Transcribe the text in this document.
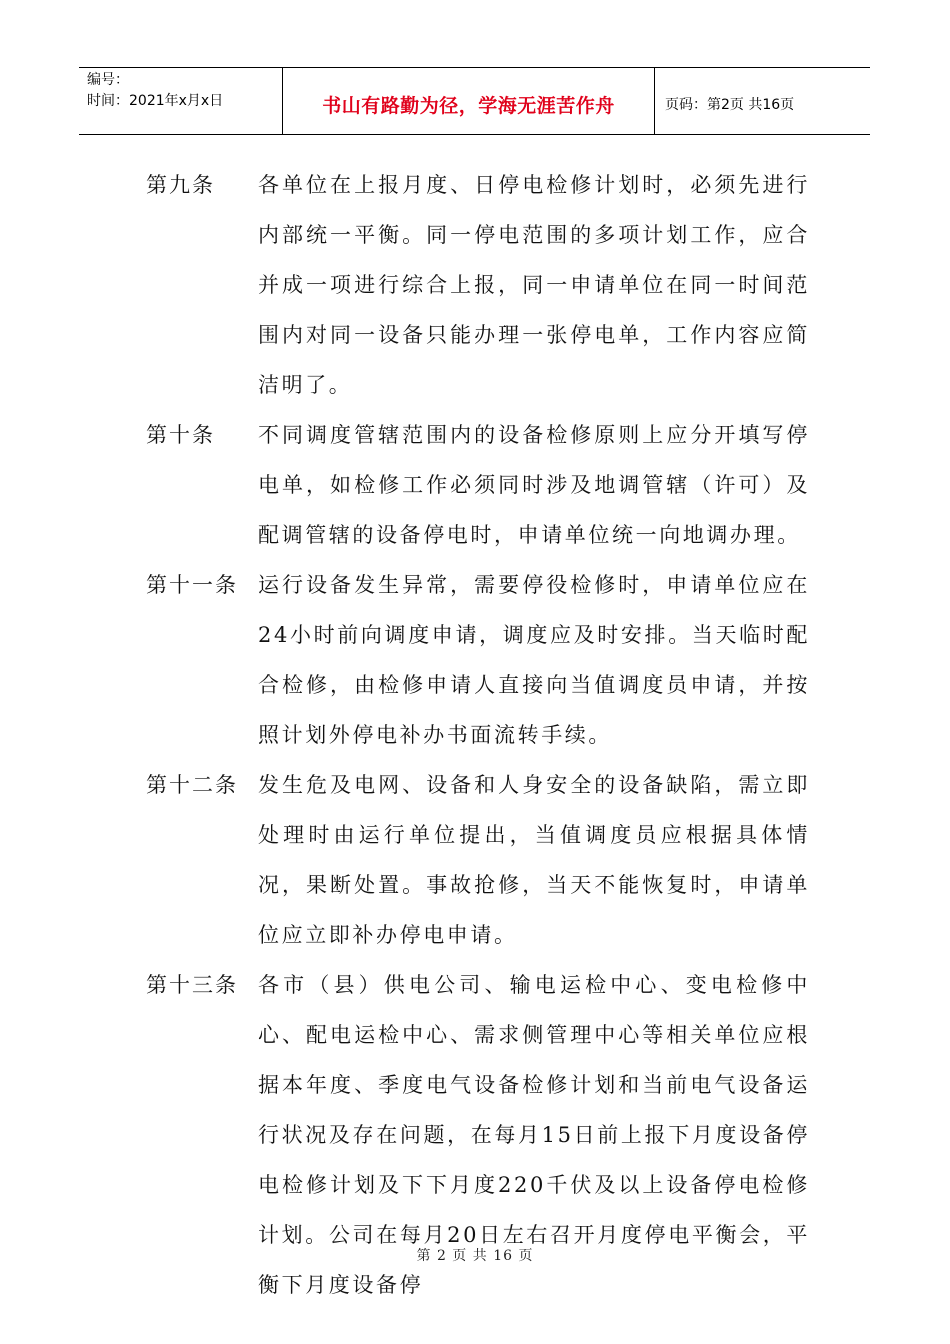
编号：
时间：2021年x月x日	书山有路勤为径，学海无涯苦作舟	页码：第2页 共16页
第九条	各单位在上报月度、日停电检修计划时，必须先进行内部统一平衡。同一停电范围的多项计划工作，应合并成一项进行综合上报，同一申请单位在同一时间范围内对同一设备只能办理一张停电单，工作内容应简洁明了。
第十条	不同调度管辖范围内的设备检修原则上应分开填写停电单，如检修工作必须同时涉及地调管辖（许可）及配调管辖的设备停电时，申请单位统一向地调办理。
第十一条 运行设备发生异常，需要停役检修时，申请单位应在24小时前向调度申请，调度应及时安排。当天临时配合检修，由检修申请人直接向当值调度员申请，并按照计划外停电补办书面流转手续。
第十二条 发生危及电网、设备和人身安全的设备缺陷，需立即处理时由运行单位提出，当值调度员应根据具体情况，果断处置。事故抢修，当天不能恢复时，申请单位应立即补办停电申请。
第十三条 各市（县）供电公司、输电运检中心、变电检修中心、配电运检中心、需求侧管理中心等相关单位应根据本年度、季度电气设备检修计划和当前电气设备运行状况及存在问题，在每月15日前上报下月度设备停电检修计划及下下月度220千伏及以上设备停电检修计划。公司在每月20日左右召开月度停电平衡会，平衡下月度设备停
第 2 页 共 16 页
